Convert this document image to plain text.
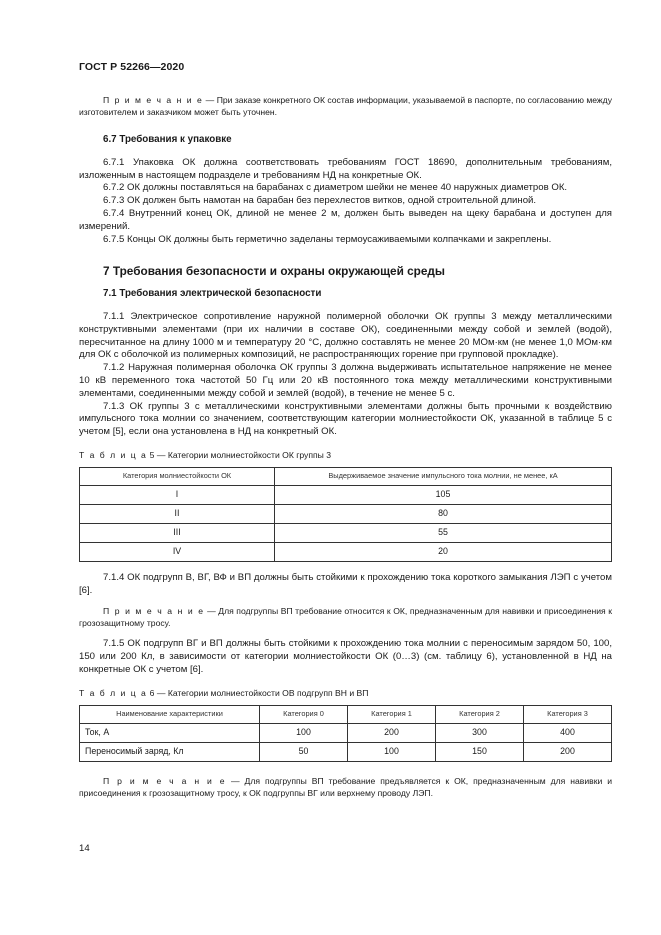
ГОСТ Р 52266—2020

П р и м е ч а н и е — При заказе конкретного ОК состав информации, указываемой в паспорте, по согласованию между изготовителем и заказчиком может быть уточнен.

6.7 Требования к упаковке

6.7.1 Упаковка ОК должна соответствовать требованиям ГОСТ 18690, дополнительным требованиям, изложенным в настоящем подразделе и требованиям НД на конкретные ОК.

6.7.2 ОК должны поставляться на барабанах с диаметром шейки не менее 40 наружных диаметров ОК.

6.7.3 ОК должен быть намотан на барабан без перехлестов витков, одной строительной длиной.

6.7.4 Внутренний конец ОК, длиной не менее 2 м, должен быть выведен на щеку барабана и доступен для измерений.

6.7.5 Концы ОК должны быть герметично заделаны термоусаживаемыми колпачками и закреплены.

7 Требования безопасности и охраны окружающей среды
7.1 Требования электрической безопасности

7.1.1 Электрическое сопротивление наружной полимерной оболочки ОК группы 3 между металлическими конструктивными элементами (при их наличии в составе ОК), соединенными между собой и землей (водой), пересчитанное на длину 1000 м и температуру 20 °С, должно составлять не менее 20 МОм·км (не менее 1,0 МОм·км для ОК с оболочкой из полимерных композиций, не распространяющих горение при групповой прокладке).

7.1.2 Наружная полимерная оболочка ОК группы 3 должна выдерживать испытательное напряжение не менее 10 кВ переменного тока частотой 50 Гц или 20 кВ постоянного тока между металлическими конструктивными элементами, соединенными между собой и землей (водой), в течение не менее 5 с.

7.1.3 ОК группы 3 с металлическими конструктивными элементами должны быть прочными к воздействию импульсного тока молнии со значением, соответствующим категории молниестойкости ОК, указанной в таблице 5 с учетом [5], если она установлена в НД на конкретный ОК.

Т а б л и ц а 5 — Категории молниестойкости ОК группы 3

Категория молниестойкости ОК	Выдерживаемое значение импульсного тока молнии, не менее, кА
I	105
II	80
III	55
IV	20

7.1.4 ОК подгрупп В, ВГ, ВФ и ВП должны быть стойкими к прохождению тока короткого замыкания ЛЭП с учетом [6].

П р и м е ч а н и е — Для подгруппы ВП требование относится к ОК, предназначенным для навивки и присоединения к грозозащитному тросу.

7.1.5 ОК подгрупп ВГ и ВП должны быть стойкими к прохождению тока молнии с переносимым зарядом 50, 100, 150 или 200 Кл, в зависимости от категории молниестойкости ОК (0…3) (см. таблицу 6), установленной в НД на конкретные ОК с учетом [6].

Т а б л и ц а 6 — Категории молниестойкости ОВ подгрупп ВН и ВП

Наименование характеристики	Категория 0	Категория 1	Категория 2	Категория 3
Ток, А	100	200	300	400
Переносимый заряд, Кл	50	100	150	200

П р и м е ч а н и е — Для подгруппы ВП требование предъявляется к ОК, предназначенным для навивки и присоединения к грозозащитному тросу, к ОК подгруппы ВГ или верхнему проводу ЛЭП.

14
